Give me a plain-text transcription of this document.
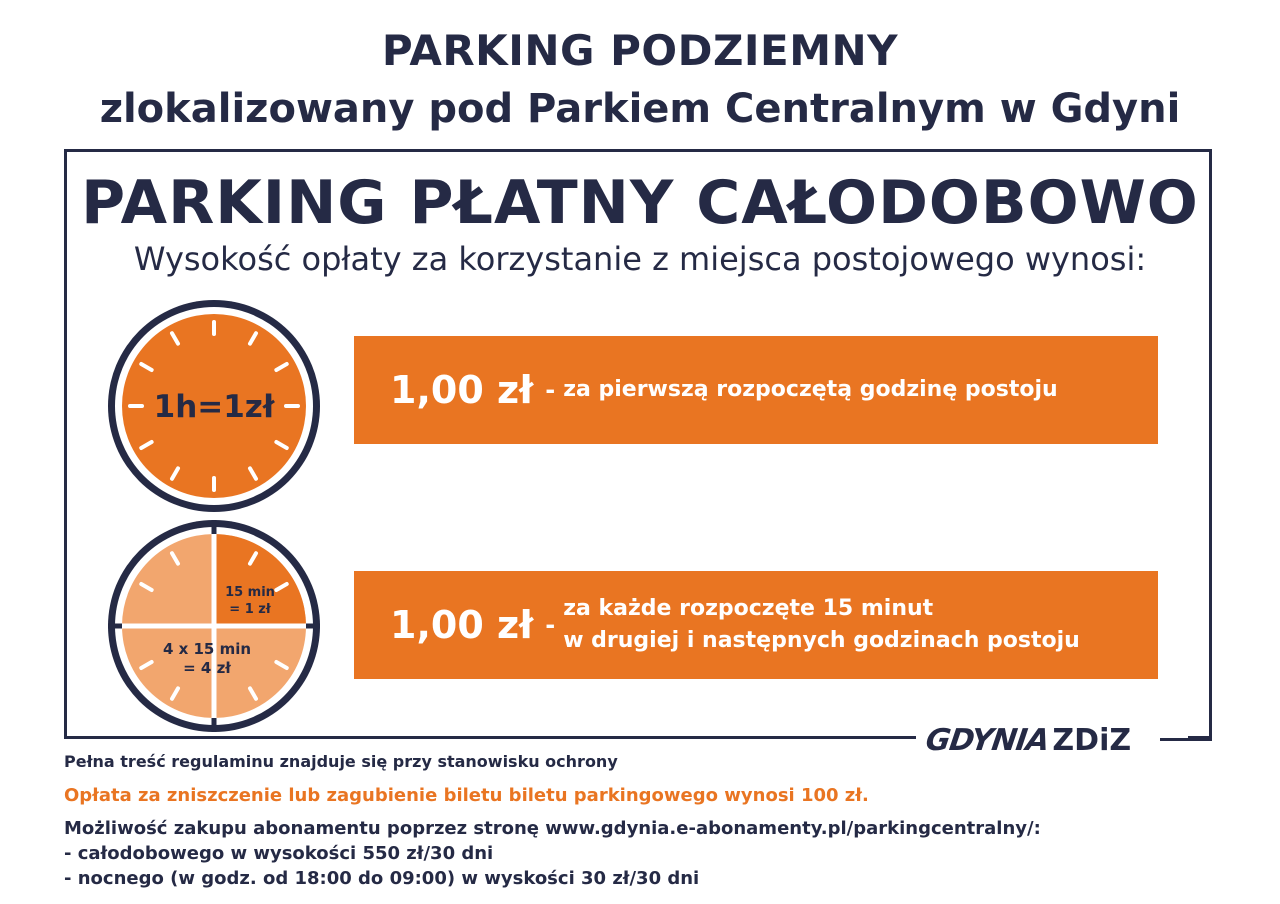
PARKING PODZIEMNY
zlokalizowany pod Parkiem Centralnym w Gdyni
PARKING PŁATNY CAŁODOBOWO
Wysokość opłaty za korzystanie z miejsca postojowego wynosi:
1h=1zł
15 min
= 1 zł
4 x 15 min
= 4 zł
1,00 zł - za pierwszą rozpoczętą godzinę postoju
1,00 zł -
za każde rozpoczęte 15 minut
w drugiej i następnych godzinach postoju
GDYNIA ZDiZ
Pełna treść regulaminu znajduje się przy stanowisku ochrony
Opłata za zniszczenie lub zagubienie biletu biletu parkingowego wynosi 100 zł.
Możliwość zakupu abonamentu poprzez stronę www.gdynia.e-abonamenty.pl/parkingcentralny/:
- całodobowego w wysokości 550 zł/30 dni
- nocnego (w godz. od 18:00 do 09:00) w wyskości 30 zł/30 dni
